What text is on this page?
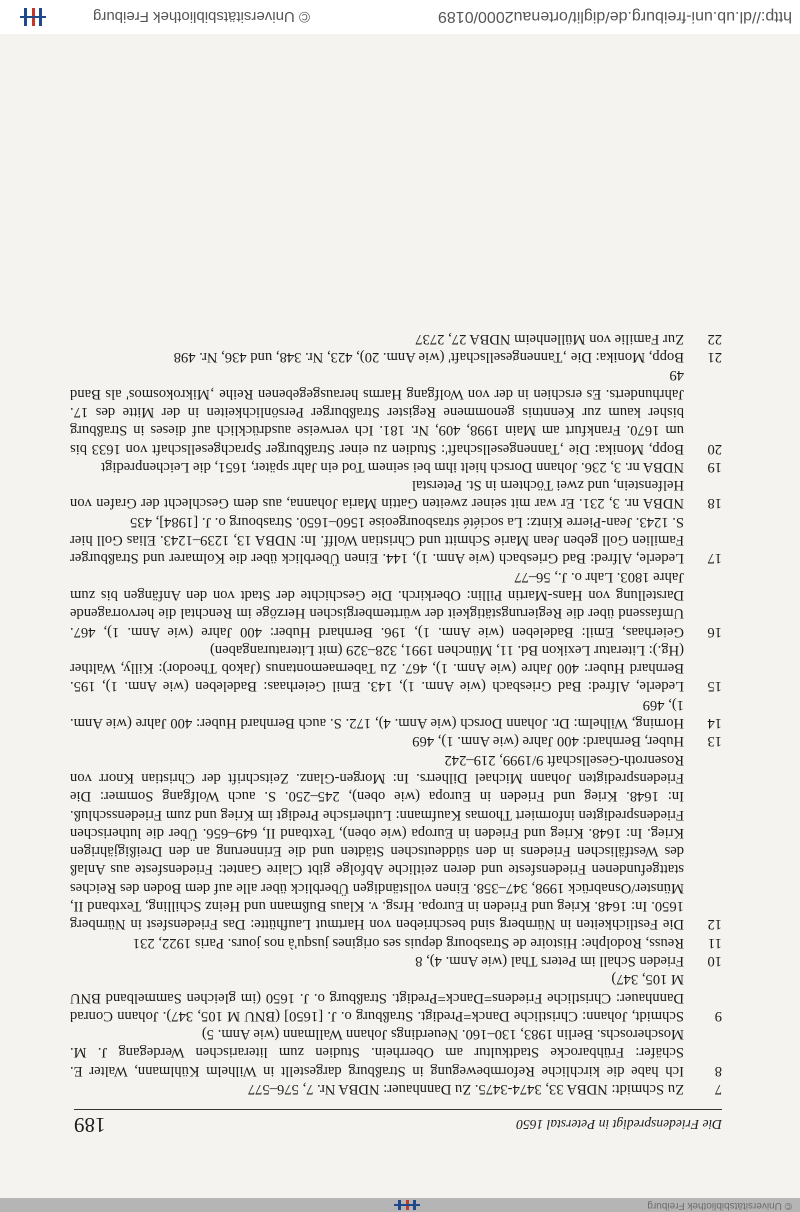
© Universitätsbibliothek Freiburg
Die Friedenspredigt in Peterstal 1650
189
7
Zu Schmidt: NDBA 33, 3474-3475. Zu Dannhauer: NDBA Nr. 7, 576–577
8
Ich habe die kirchliche Reformbewegung in Straßburg dargestellt in Wilhelm Kühlmann, Walter E. Schäfer: Frühbarocke Stadtkultur am Oberrhein. Studien zum literarischen Werdegang J. M. Moscheroschs. Berlin 1983, 130–160. Neuerdings Johann Wallmann (wie Anm. 5)
9
Schmidt, Johann: Christliche Danck=Predigt. Straßburg o. J. [1650] (BNU M 105, 347). Johann Conrad Dannhauer: Christliche Friedens=Danck=Predigt. Straßburg o. J. 1650 (im gleichen Sammelband BNU M 105, 347)
10
Frieden Schall im Peters Thal (wie Anm. 4), 8
11
Reuss, Rodolphe: Histoire de Strasbourg depuis ses origines jusqu'à nos jours. Paris 1922, 231
12
Die Festlichkeiten in Nürnberg sind beschrieben von Hartmut Laufhütte: Das Friedensfest in Nürnberg 1650. In: 1648. Krieg und Frieden in Europa. Hrsg. v. Klaus Bußmann und Heinz Schilling, Textband II, Münster/Osnabrück 1998, 347–358. Einen vollständigen Überblick über alle auf dem Boden des Reiches stattgefundenen Friedensfeste und deren zeitliche Abfolge gibt Claire Gantet: Friedensfeste aus Anlaß des Westfälischen Friedens in den süddeutschen Städten und die Erinnerung an den Dreißigjährigen Krieg. In: 1648. Krieg und Frieden in Europa (wie oben), Textband II, 649–656. Über die lutherischen Friedenspredigten informiert Thomas Kaufmann: Lutherische Predigt im Krieg und zum Friedensschluß. In: 1648. Krieg und Frieden in Europa (wie oben), 245–250. S. auch Wolfgang Sommer: Die Friedenspredigten Johann Michael Dilherrs. In: Morgen-Glanz. Zeitschrift der Christian Knorr von Rosenroth-Gesellschaft 9/1999, 219–242
13
Huber, Bernhard: 400 Jahre (wie Anm. 1), 469
14
Horning, Wilhelm: Dr. Johann Dorsch (wie Anm. 4), 172. S. auch Bernhard Huber: 400 Jahre (wie Anm. 1), 469
15
Lederle, Alfred: Bad Griesbach (wie Anm. 1), 143. Emil Geierhaas: Badeleben (wie Anm. 1), 195. Bernhard Huber: 400 Jahre (wie Anm. 1), 467. Zu Tabernaemontanus (Jakob Theodor): Killy, Walther (Hg.): Literatur Lexikon Bd. 11, München 1991, 328–329 (mit Literaturangaben)
16
Geierhaas, Emil: Badeleben (wie Anm. 1), 196. Bernhard Huber: 400 Jahre (wie Anm. 1), 467. Umfassend über die Regierungstätigkeit der württembergischen Herzöge im Renchtal die hervorragende Darstellung von Hans-Martin Pillin: Oberkirch. Die Geschichte der Stadt von den Anfängen bis zum Jahre 1803. Lahr o. J., 56–77
17
Lederle, Alfred: Bad Griesbach (wie Anm. 1), 144. Einen Überblick über die Kolmarer und Straßburger Familien Goll geben Jean Marie Schmitt und Christian Wolff. In: NDBA 13, 1239–1243. Elias Goll hier S. 1243. Jean-Pierre Kintz: La société strasbourgeoise 1560–1650. Strasbourg o. J. [1984], 435
18
NDBA nr. 3, 231. Er war mit seiner zweiten Gattin Maria Johanna, aus dem Geschlecht der Grafen von Helfenstein, und zwei Töchtern in St. Peterstal
19
NDBA nr. 3, 236. Johann Dorsch hielt ihm bei seinem Tod ein Jahr später, 1651, die Leichenpredigt
20
Bopp, Monika: Die ‚Tannengesellschaft': Studien zu einer Straßburger Sprachgesellschaft von 1633 bis um 1670. Frankfurt am Main 1998, 409, Nr. 181. Ich verweise ausdrücklich auf dieses in Straßburg bisher kaum zur Kenntnis genommene Register Straßburger Persönlichkeiten in der Mitte des 17. Jahrhunderts. Es erschien in der von Wolfgang Harms herausgegebenen Reihe ‚Mikrokosmos' als Band 49
21
Bopp, Monika: Die ‚Tannengesellschaft' (wie Anm. 20), 423, Nr. 348, und 436, Nr. 498
22
Zur Familie von Müllenheim NDBA 27, 2737
http://dl.ub.uni-freiburg.de/diglit/ortenau2000/0189
© Universitätsbibliothek Freiburg
